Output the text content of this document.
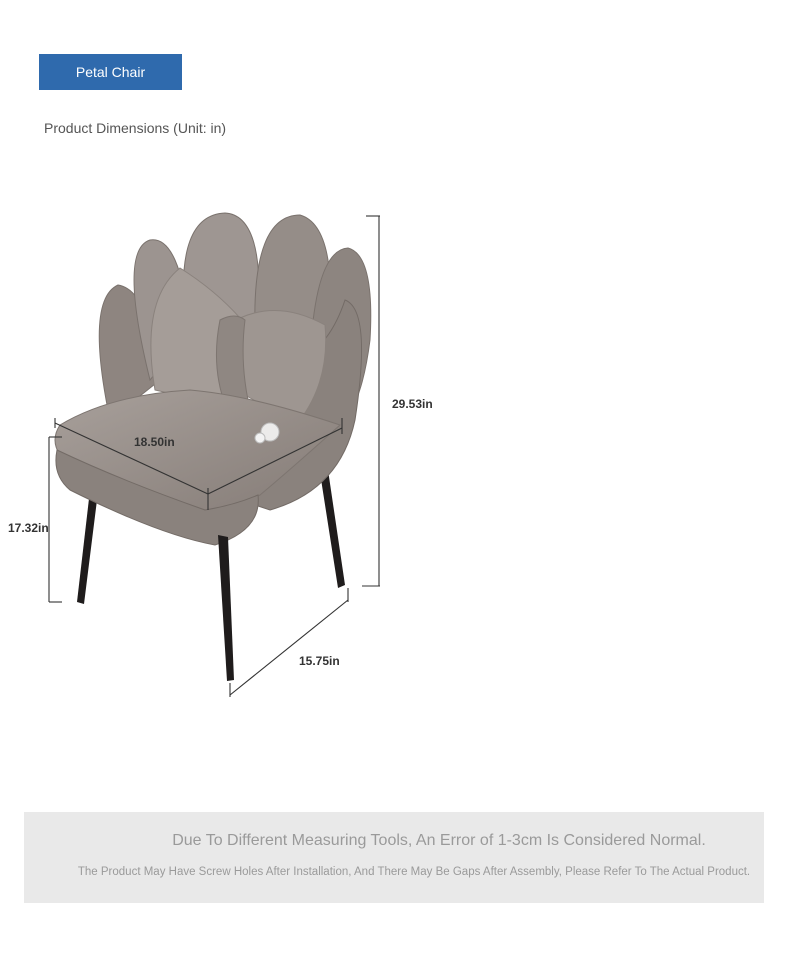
Petal Chair
Product Dimensions (Unit: in)
29.53in
18.50in
17.32in
15.75in
Due To Different Measuring Tools, An Error of 1-3cm Is Considered Normal.
The Product May Have Screw Holes After Installation, And There May Be Gaps After Assembly, Please Refer To The Actual Product.
